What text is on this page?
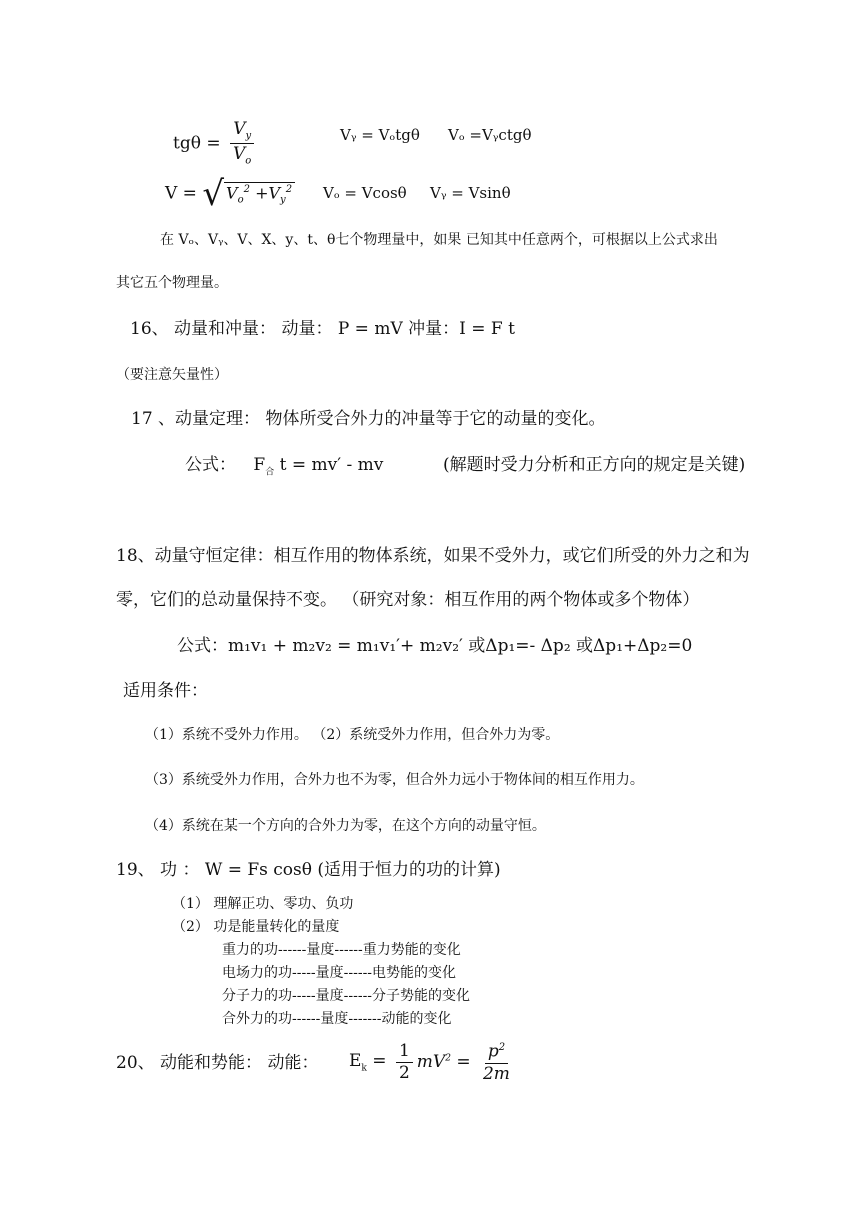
$tg\theta = \frac{V_y}{V_o}$	Vᵧ = Vₒtgθ Vₒ =Vᵧctgθ
V = √ $V_o^2 +V_y^2$ Vₒ = Vcosθ Vᵧ = Vsinθ
在 Vₒ、Vᵧ、V、X、y、t、θ七个物理量中，如果 已知其中任意两个，可根据以上公式求出
其它五个物理量。
16、 动量和冲量： 动量： P = mV 冲量：I = F t
（要注意矢量性）
17 、动量定理： 物体所受合外力的冲量等于它的动量的变化。
公式： $F_合$ t = mv′ - mv	(解题时受力分析和正方向的规定是关键)
18、动量守恒定律：相互作用的物体系统，如果不受外力，或它们所受的外力之和为
零，它们的总动量保持不变。 （研究对象：相互作用的两个物体或多个物体）
公式：m₁v₁ + m₂v₂ = m₁v₁′+ m₂v₂′ 或Δp₁=- Δp₂ 或Δp₁+Δp₂=0
适用条件：
（1）系统不受外力作用。 （2）系统受外力作用，但合外力为零。
（3）系统受外力作用，合外力也不为零，但合外力远小于物体间的相互作用力。
（4）系统在某一个方向的合外力为零，在这个方向的动量守恒。
19、 功 ： W = Fs cosθ (适用于恒力的功的计算)
（1） 理解正功、零功、负功
（2） 功是能量转化的量度
重力的功------量度------重力势能的变化
电场力的功-----量度------电势能的变化
分子力的功-----量度------分子势能的变化
合外力的功------量度-------动能的变化
20、 动能和势能： 动能： $E_k = \frac{1}{2} mV^2 = \frac{p^2}{2m}$
